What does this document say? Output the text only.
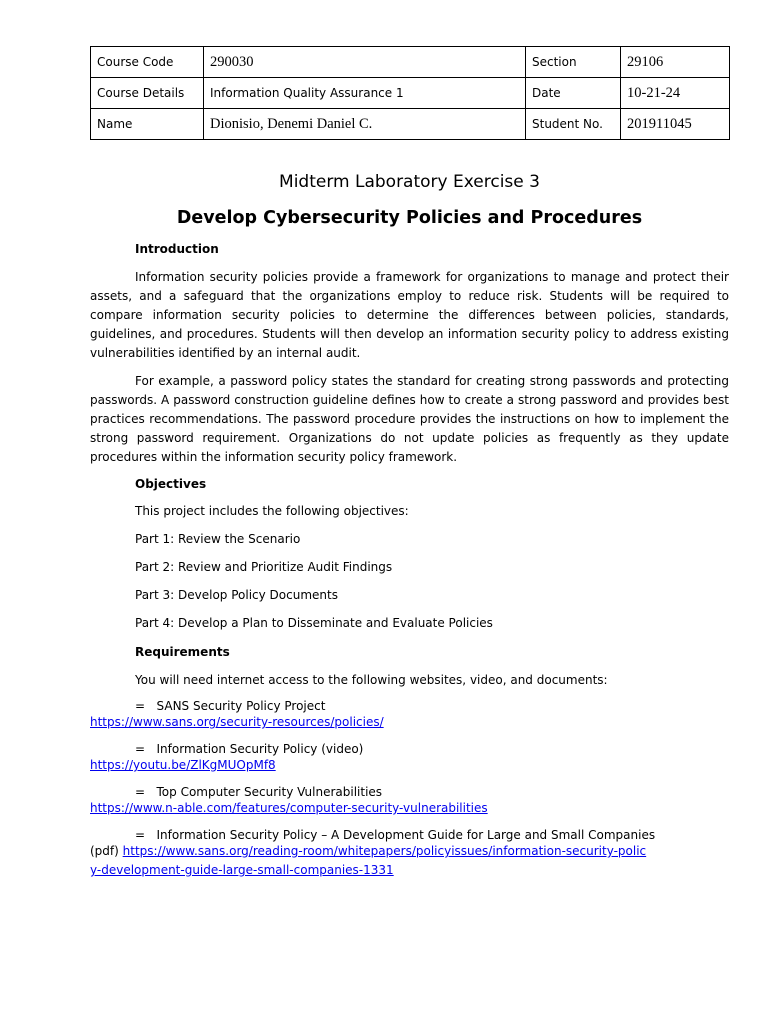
Course Code	290030	Section	29106
Course Details	Information Quality Assurance 1	Date	10-21-24
Name	Dionisio, Denemi Daniel C.	Student No.	201911045
Midterm Laboratory Exercise 3
Develop Cybersecurity Policies and Procedures
Introduction

Information security policies provide a framework for organizations to manage and protect their assets, and a safeguard that the organizations employ to reduce risk. Students will be required to compare information security policies to determine the differences between policies, standards, guidelines, and procedures. Students will then develop an information security policy to address existing vulnerabilities identified by an internal audit.

For example, a password policy states the standard for creating strong passwords and protecting passwords. A password construction guideline defines how to create a strong password and provides best practices recommendations. The password procedure provides the instructions on how to implement the strong password requirement. Organizations do not update policies as frequently as they update procedures within the information security policy framework.

Objectives
This project includes the following objectives:
Part 1: Review the Scenario
Part 2: Review and Prioritize Audit Findings
Part 3: Develop Policy Documents
Part 4: Develop a Plan to Disseminate and Evaluate Policies
Requirements
You will need internet access to the following websites, video, and documents:
= SANS Security Policy Project
https://www.sans.org/security-resources/policies/
= Information Security Policy (video)
https://youtu.be/ZlKgMUOpMf8
= Top Computer Security Vulnerabilities
https://www.n-able.com/features/computer-security-vulnerabilities
= Information Security Policy – A Development Guide for Large and Small Companies
(pdf) https://www.sans.org/reading-room/whitepapers/policyissues/information-security-policy-development-guide-large-small-companies-1331
